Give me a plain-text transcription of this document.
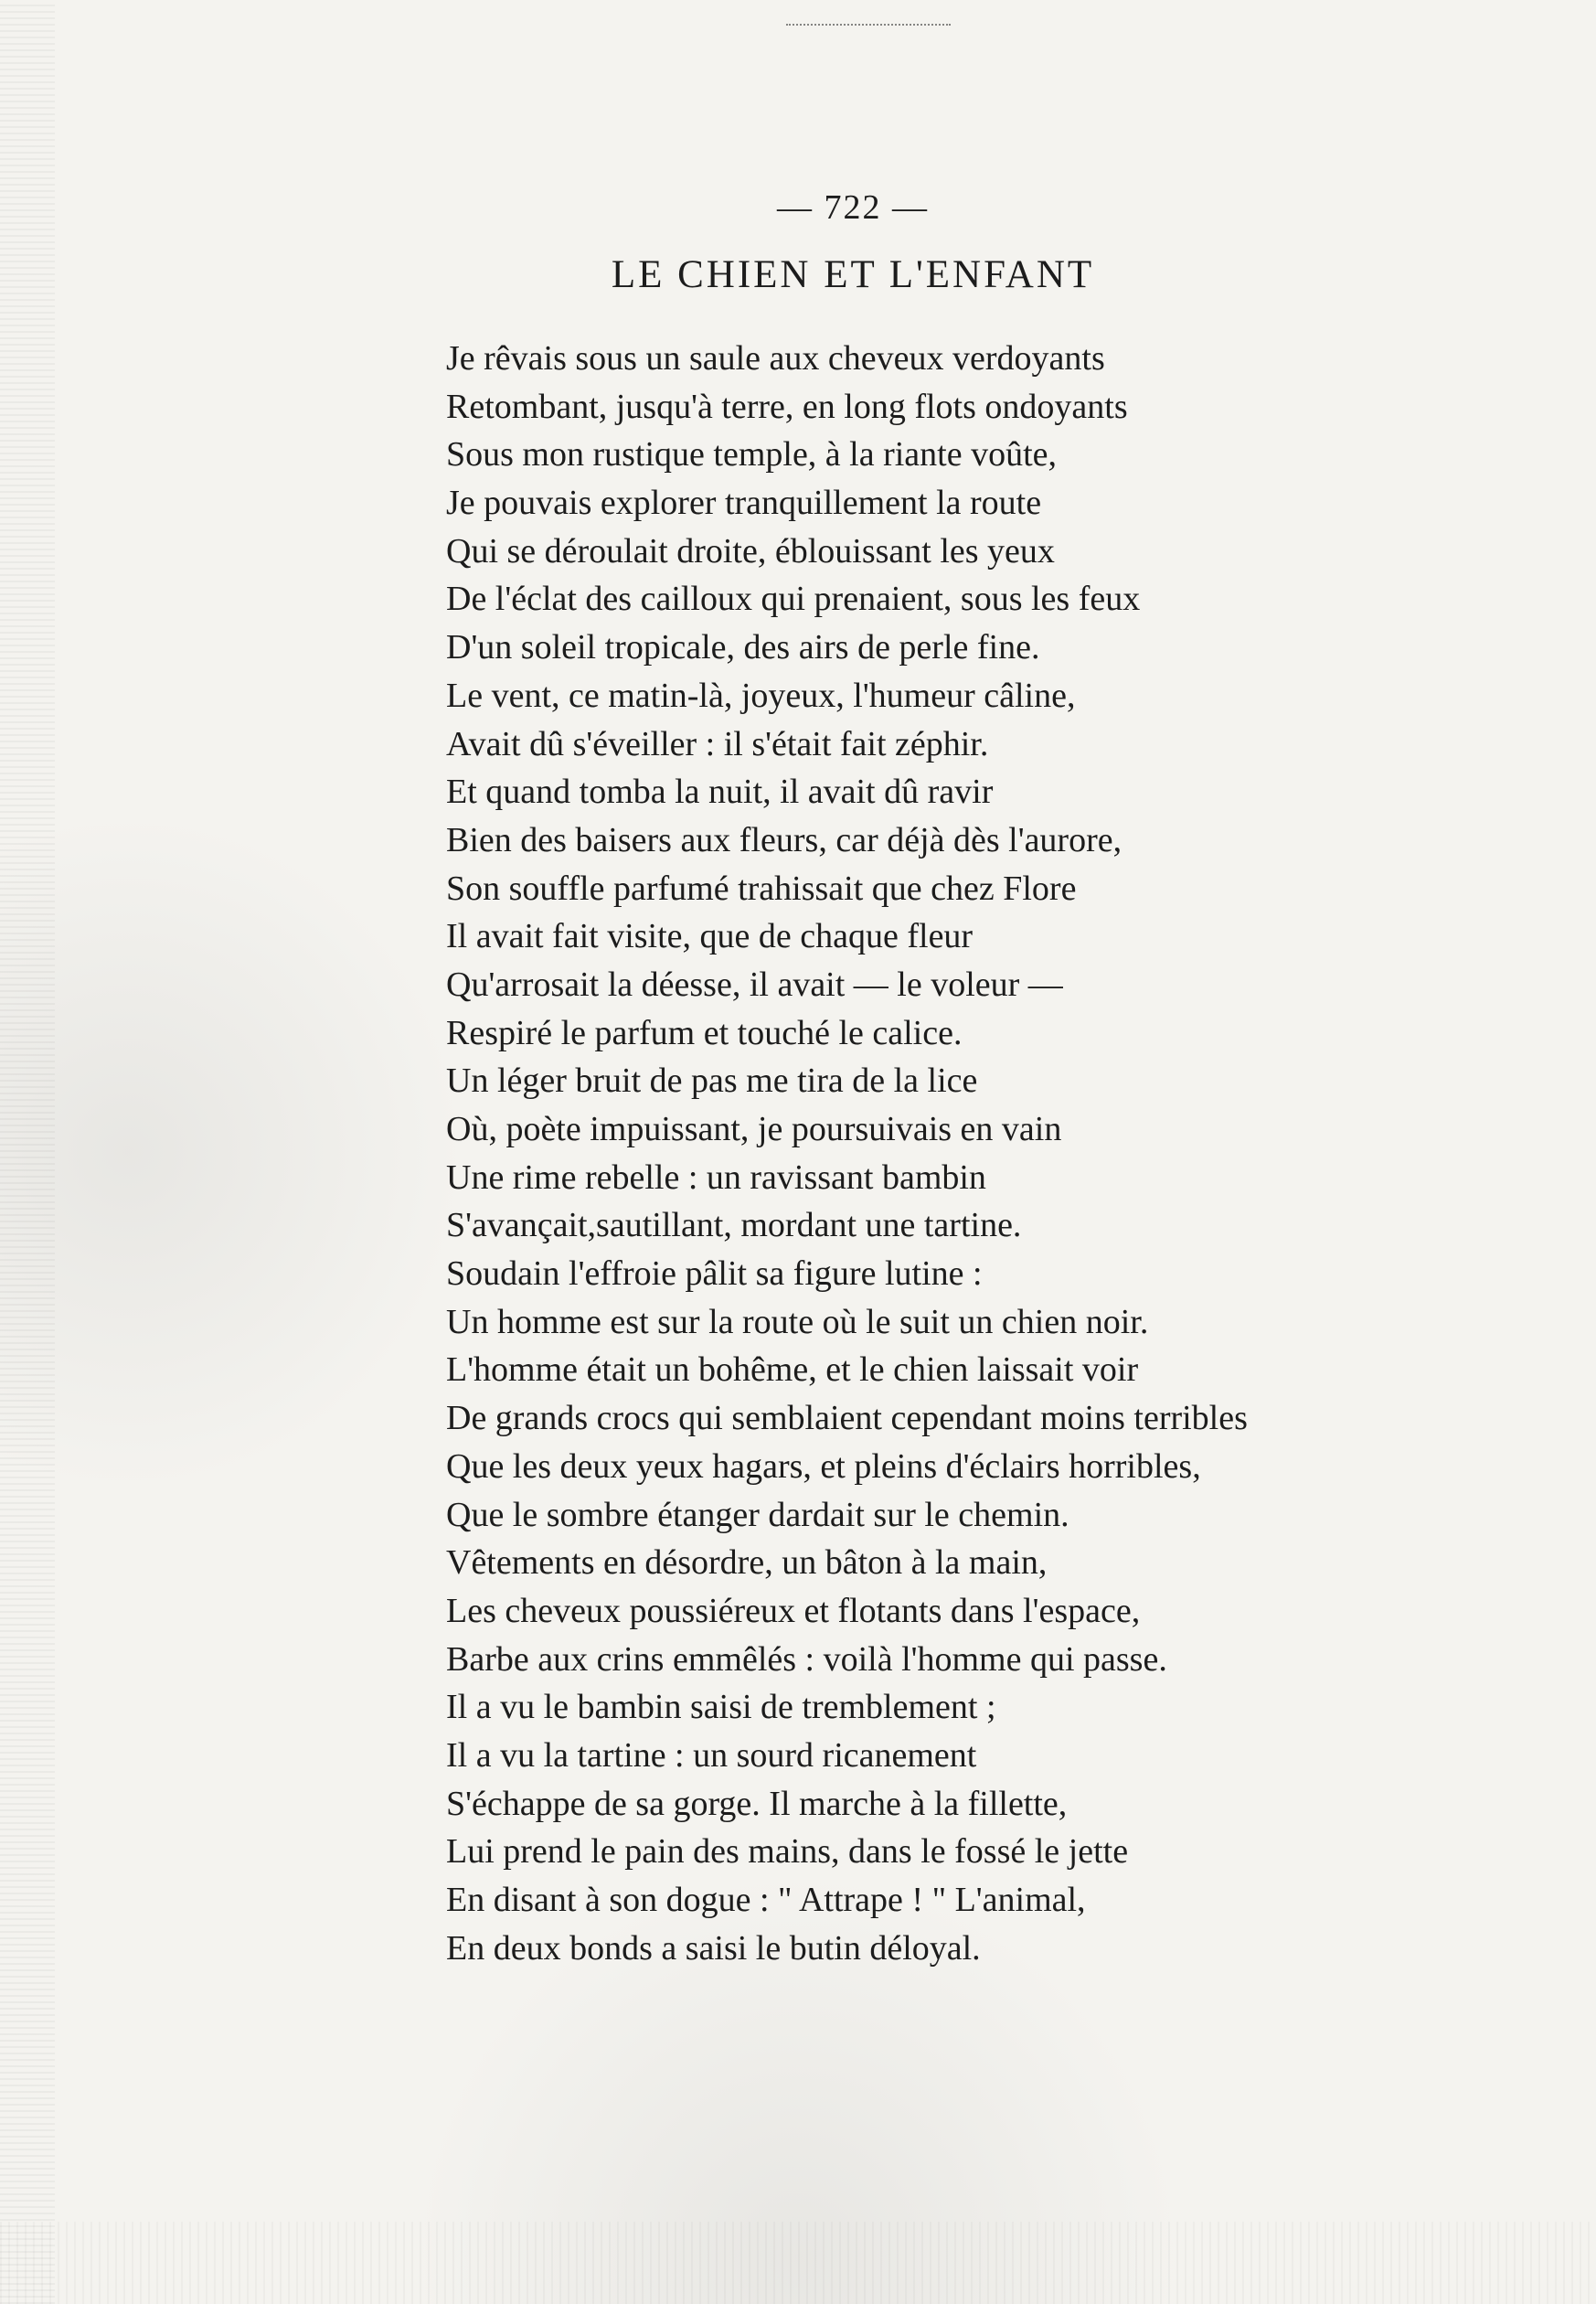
— 722 —
LE CHIEN ET L'ENFANT
Je rêvais sous un saule aux cheveux verdoyants
Retombant, jusqu'à terre, en long flots ondoyants
Sous mon rustique temple, à la riante voûte,
Je pouvais explorer tranquillement la route
Qui se déroulait droite, éblouissant les yeux
De l'éclat des cailloux qui prenaient, sous les feux
D'un soleil tropicale, des airs de perle fine.
Le vent, ce matin-là, joyeux, l'humeur câline,
Avait dû s'éveiller : il s'était fait zéphir.
Et quand tomba la nuit, il avait dû ravir
Bien des baisers aux fleurs, car déjà dès l'aurore,
Son souffle parfumé trahissait que chez Flore
Il avait fait visite, que de chaque fleur
Qu'arrosait la déesse, il avait — le voleur —
Respiré le parfum et touché le calice.
Un léger bruit de pas me tira de la lice
Où, poète impuissant, je poursuivais en vain
Une rime rebelle : un ravissant bambin
S'avançait,sautillant, mordant une tartine.
Soudain l'effroie pâlit sa figure lutine :
Un homme est sur la route où le suit un chien noir.
L'homme était un bohême, et le chien laissait voir
De grands crocs qui semblaient cependant moins terribles
Que les deux yeux hagars, et pleins d'éclairs horribles,
Que le sombre étanger dardait sur le chemin.
Vêtements en désordre, un bâton à la main,
Les cheveux poussiéreux et flotants dans l'espace,
Barbe aux crins emmêlés : voilà l'homme qui passe.
Il a vu le bambin saisi de tremblement ;
Il a vu la tartine : un sourd ricanement
S'échappe de sa gorge. Il marche à la fillette,
Lui prend le pain des mains, dans le fossé le jette
En disant à son dogue : " Attrape ! " L'animal,
En deux bonds a saisi le butin déloyal.
